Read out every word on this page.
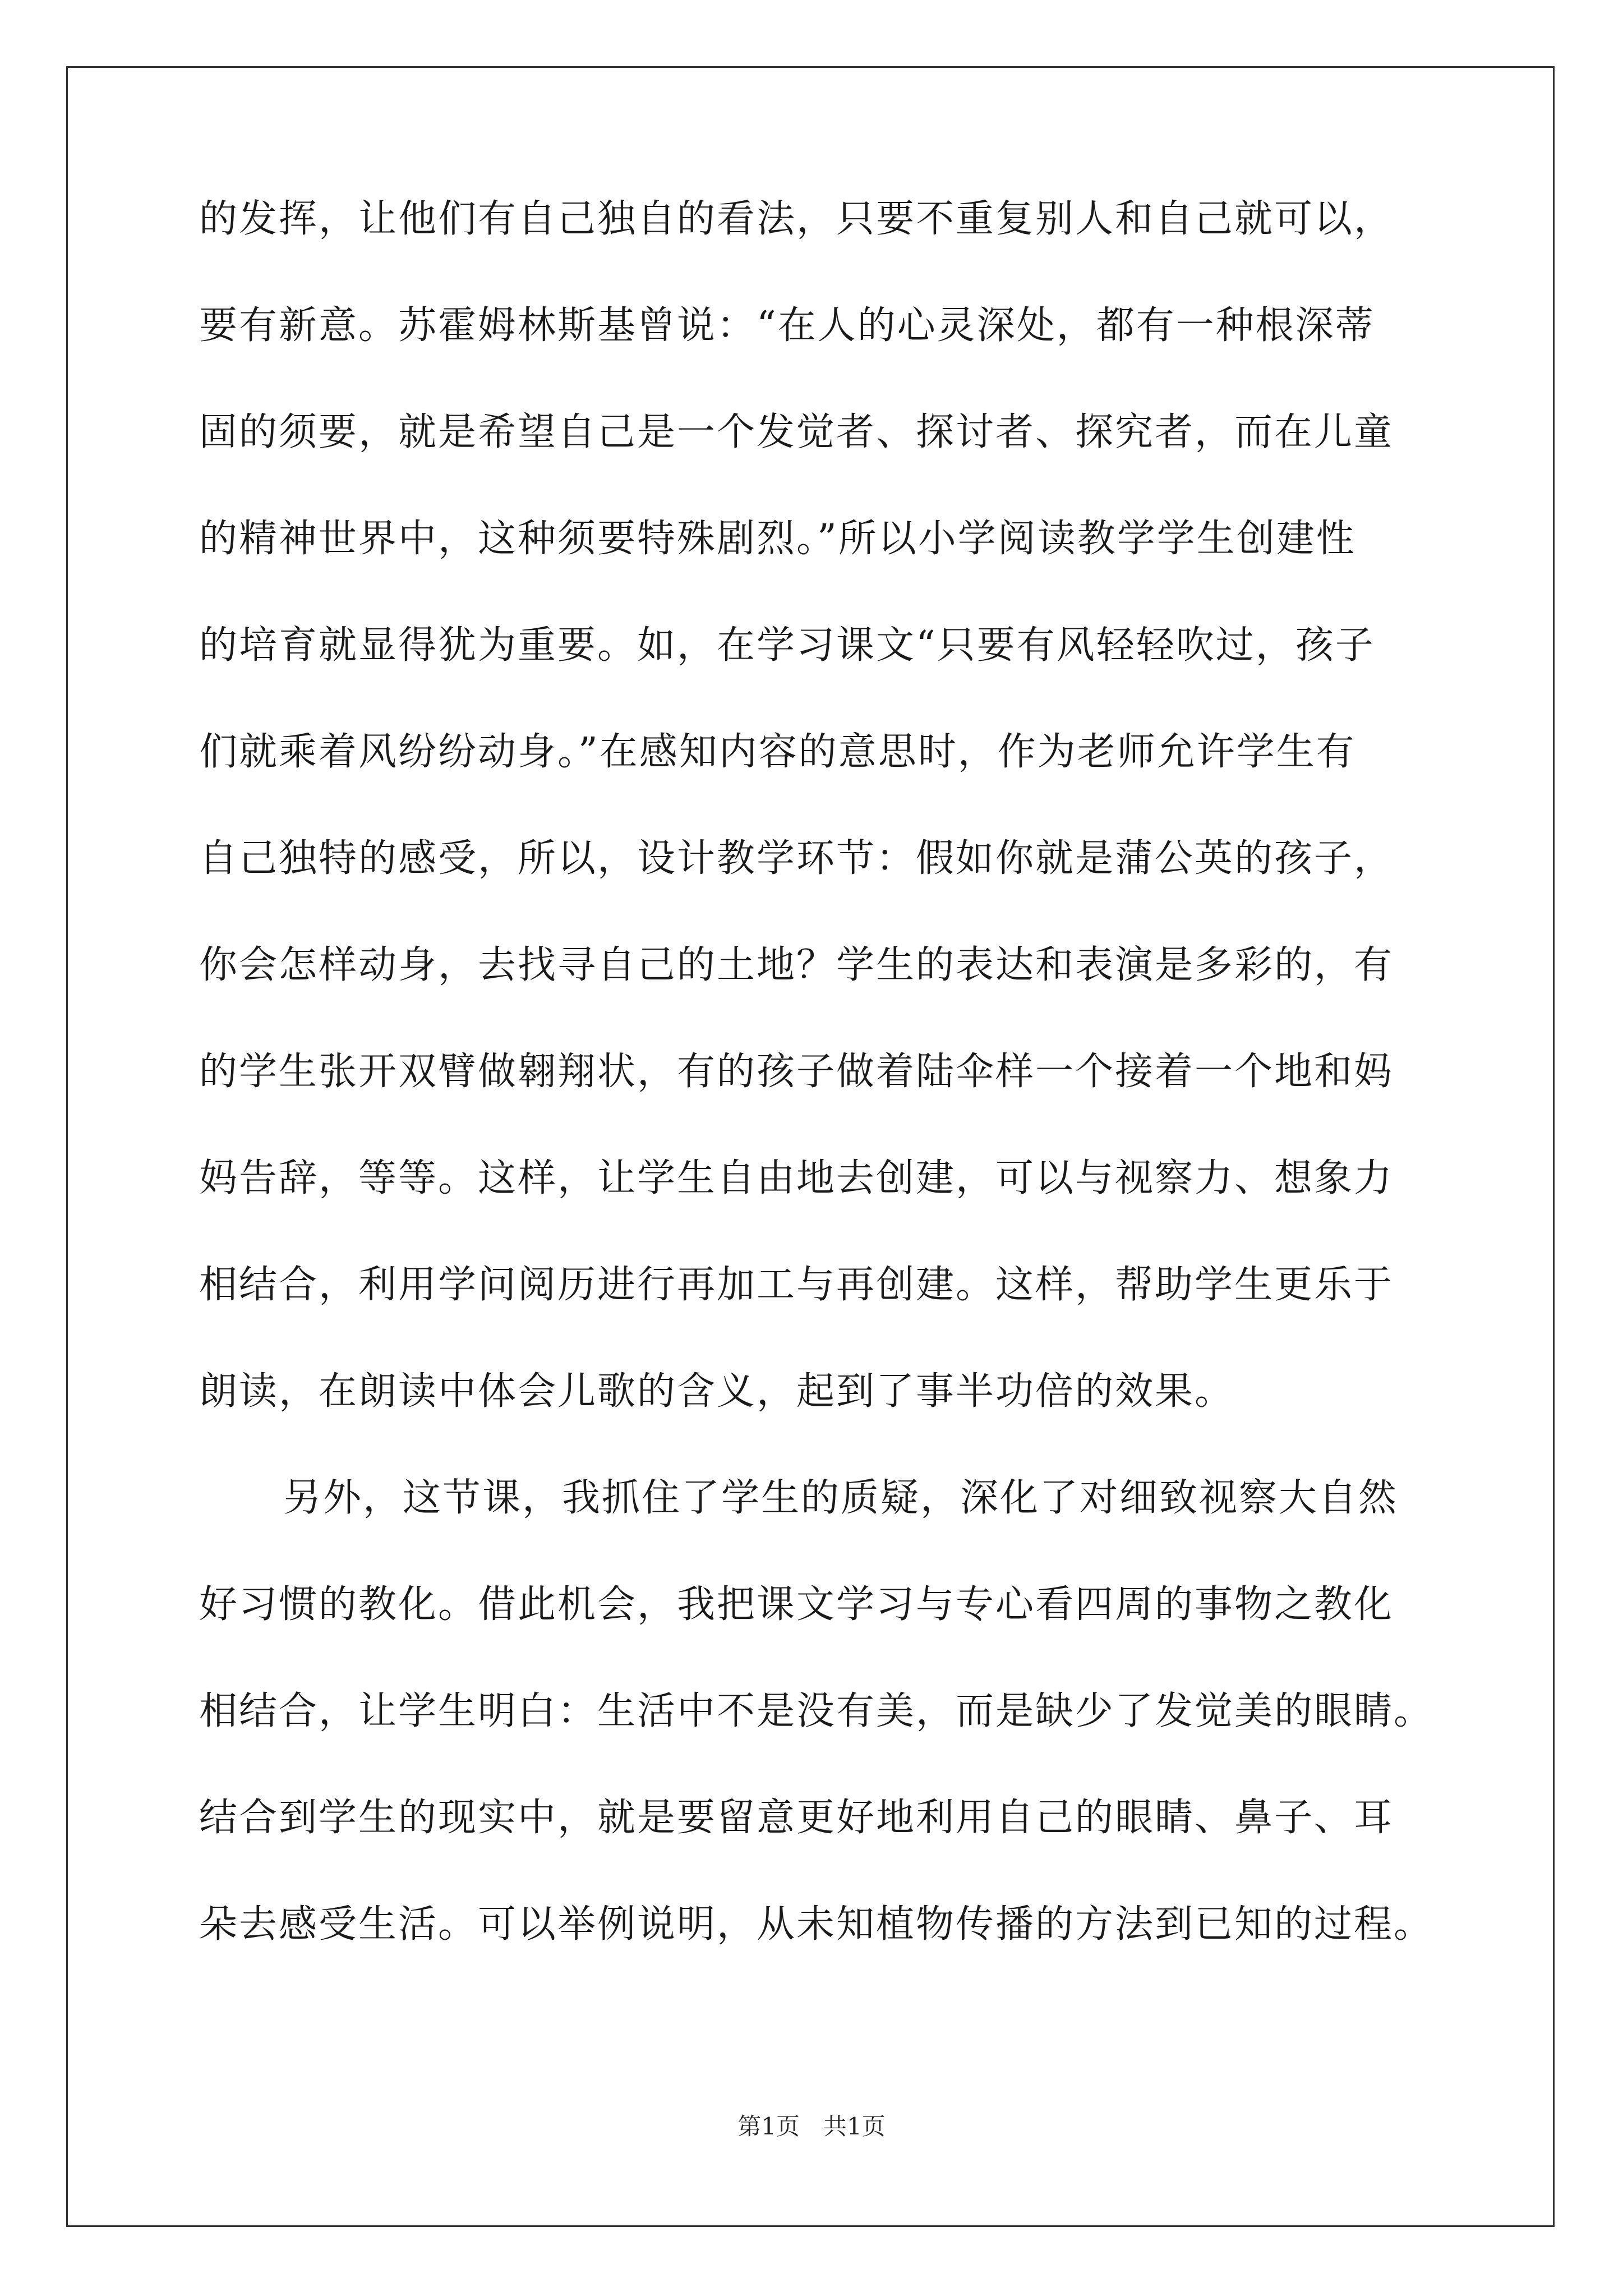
的发挥，让他们有自己独自的看法，只要不重复别人和自己就可以，
要有新意。苏霍姆林斯基曾说：“在人的心灵深处，都有一种根深蒂
固的须要，就是希望自己是一个发觉者、探讨者、探究者，而在儿童
的精神世界中，这种须要特殊剧烈。”所以小学阅读教学学生创建性
的培育就显得犹为重要。如，在学习课文“只要有风轻轻吹过，孩子
们就乘着风纷纷动身。”在感知内容的意思时，作为老师允许学生有
自己独特的感受，所以，设计教学环节：假如你就是蒲公英的孩子，
你会怎样动身，去找寻自己的土地？学生的表达和表演是多彩的，有
的学生张开双臂做翱翔状，有的孩子做着陆伞样一个接着一个地和妈
妈告辞，等等。这样，让学生自由地去创建，可以与视察力、想象力
相结合，利用学问阅历进行再加工与再创建。这样，帮助学生更乐于
朗读，在朗读中体会儿歌的含义，起到了事半功倍的效果。
另外，这节课，我抓住了学生的质疑，深化了对细致视察大自然
好习惯的教化。借此机会，我把课文学习与专心看四周的事物之教化
相结合，让学生明白：生活中不是没有美，而是缺少了发觉美的眼睛。
结合到学生的现实中，就是要留意更好地利用自己的眼睛、鼻子、耳
朵去感受生活。可以举例说明，从未知植物传播的方法到已知的过程。
第1页　共1页
